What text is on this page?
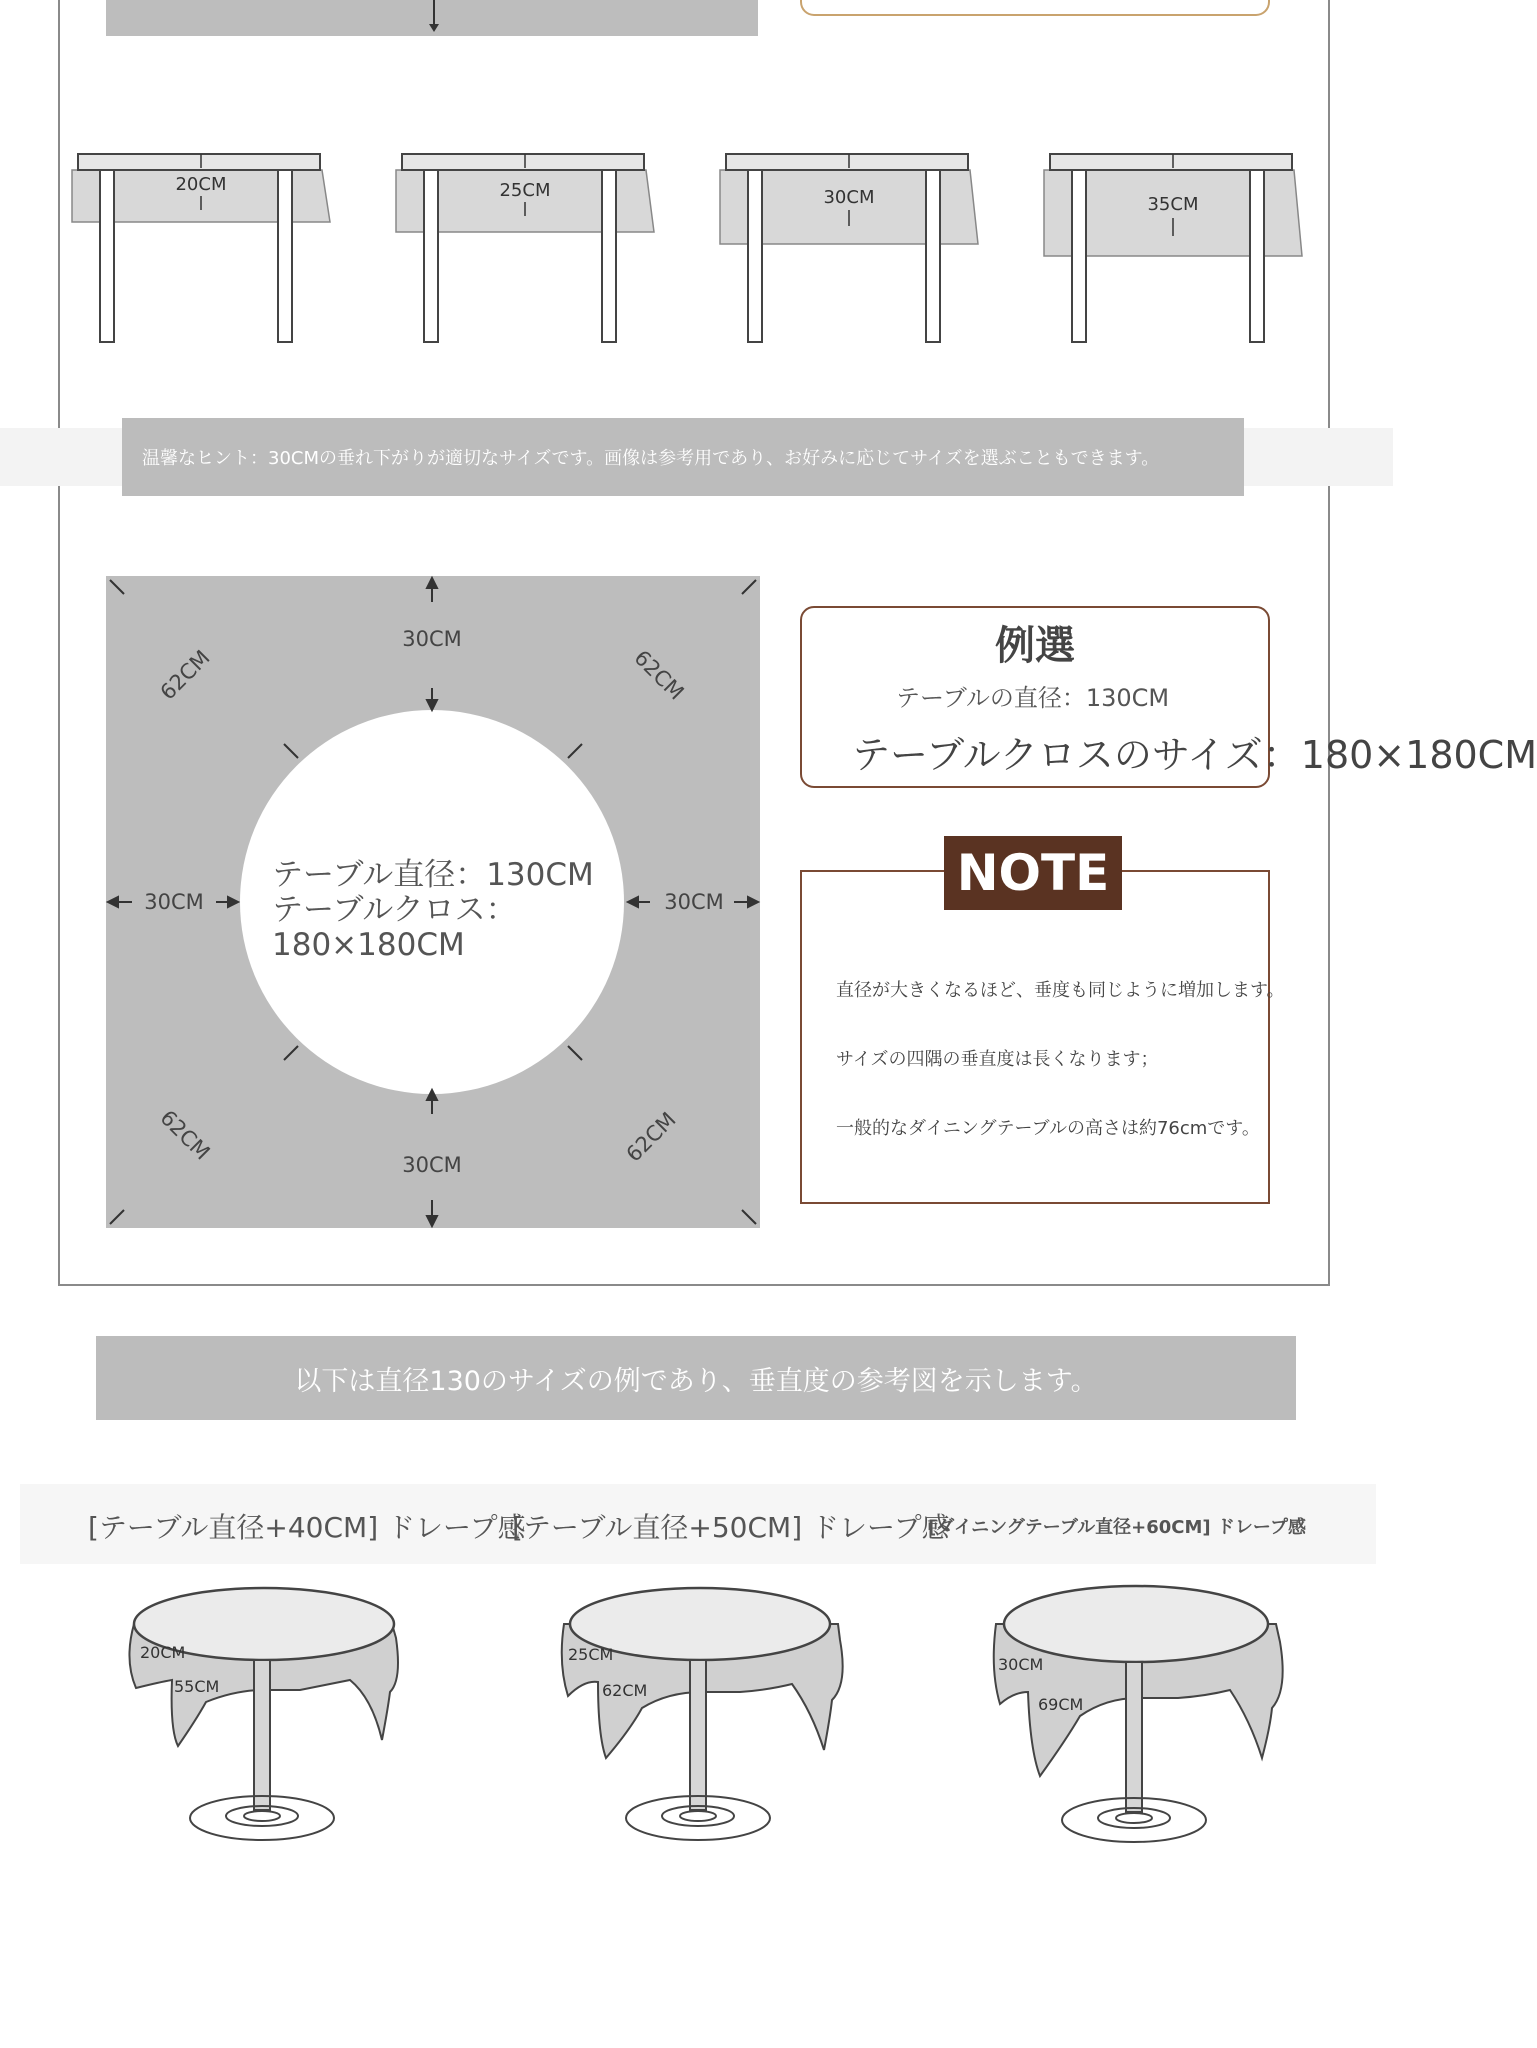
20CM	25CM	30CM	35CM
温馨なヒント：30CMの垂れ下がりが適切なサイズです。画像は参考用であり、お好みに応じてサイズを選ぶこともできます。
30CM
30CM
30CM	30CM
62CM	62CM
62CM	62CM
テーブル直径：130CM テーブルクロス：180×180CM
例選
テーブルの直径：130CM
テーブルクロスのサイズ：180×180CM
NOTE
直径が大きくなるほど、垂度も同じように増加します。
サイズの四隅の垂直度は長くなります；
一般的なダイニングテーブルの高さは約76cmです。
以下は直径130のサイズの例であり、垂直度の参考図を示します。
[テーブル直径+40CM] ドレープ感
[テーブル直径+50CM] ドレープ感
[ダイニングテーブル直径+60CM] ドレープ感
20CM
55CM
25CM
62CM
30CM
69CM
